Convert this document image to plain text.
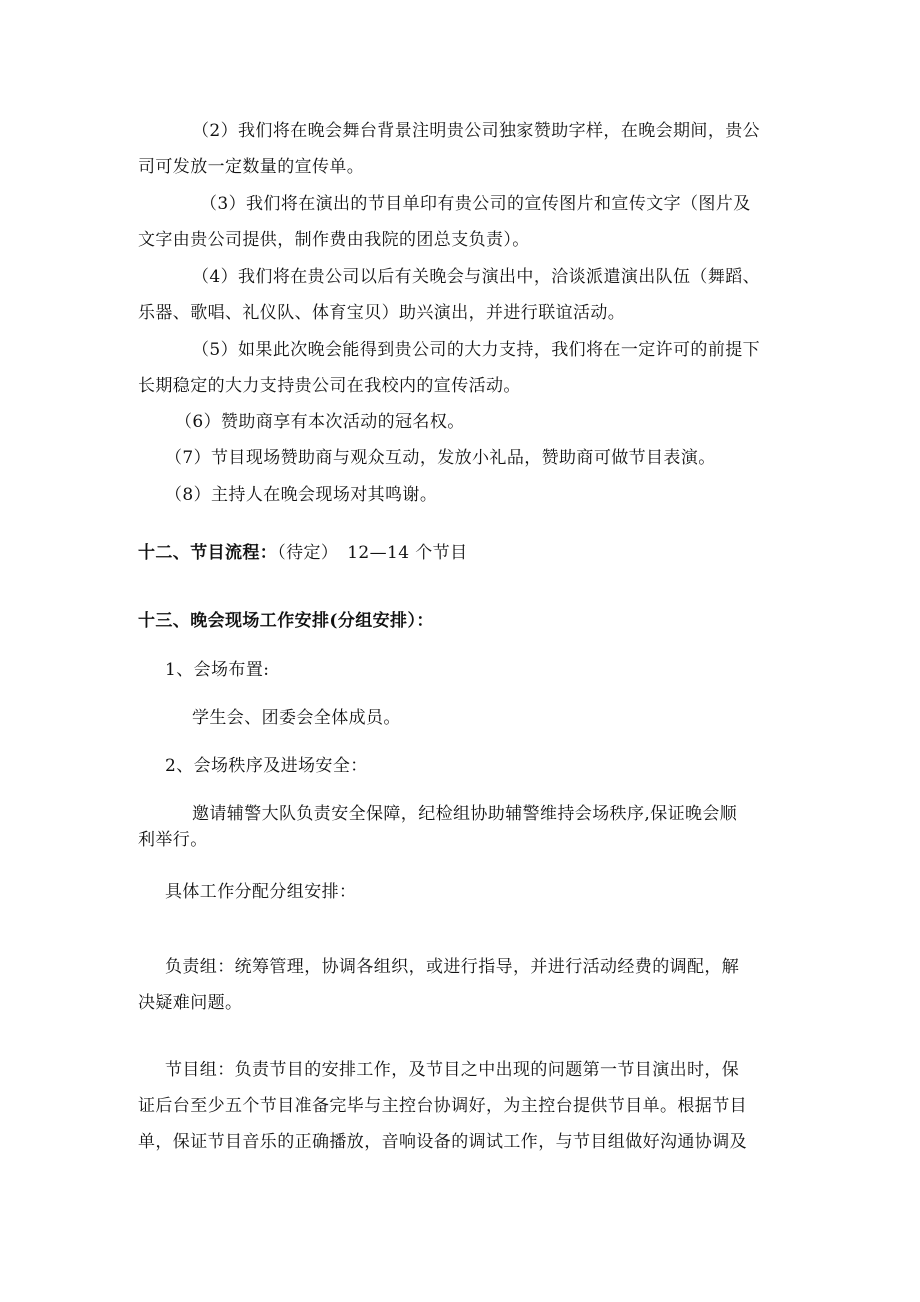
（2）我们将在晚会舞台背景注明贵公司独家赞助字样，在晚会期间，贵公
司可发放一定数量的宣传单。
（3）我们将在演出的节目单印有贵公司的宣传图片和宣传文字（图片及
文字由贵公司提供，制作费由我院的团总支负责）。
（4）我们将在贵公司以后有关晚会与演出中，洽谈派遣演出队伍（舞蹈、
乐器、歌唱、礼仪队、体育宝贝）助兴演出，并进行联谊活动。
（5）如果此次晚会能得到贵公司的大力支持，我们将在一定许可的前提下
长期稳定的大力支持贵公司在我校内的宣传活动。
（6）赞助商享有本次活动的冠名权。
（7）节目现场赞助商与观众互动，发放小礼品，赞助商可做节目表演。
（8）主持人在晚会现场对其鸣谢。
十二、节目流程：（待定）　12—14 个节目
十三、晚会现场工作安排(分组安排）：
1、会场布置:
学生会、团委会全体成员。
2、会场秩序及进场安全：
邀请辅警大队负责安全保障，纪检组协助辅警维持会场秩序,保证晚会顺
利举行。
具体工作分配分组安排：
负责组：统筹管理，协调各组织，或进行指导，并进行活动经费的调配，解
决疑难问题。
节目组：负责节目的安排工作，及节目之中出现的问题第一节目演出时，保
证后台至少五个节目准备完毕与主控台协调好，为主控台提供节目单。根据节目
单，保证节目音乐的正确播放，音响设备的调试工作，与节目组做好沟通协调及
